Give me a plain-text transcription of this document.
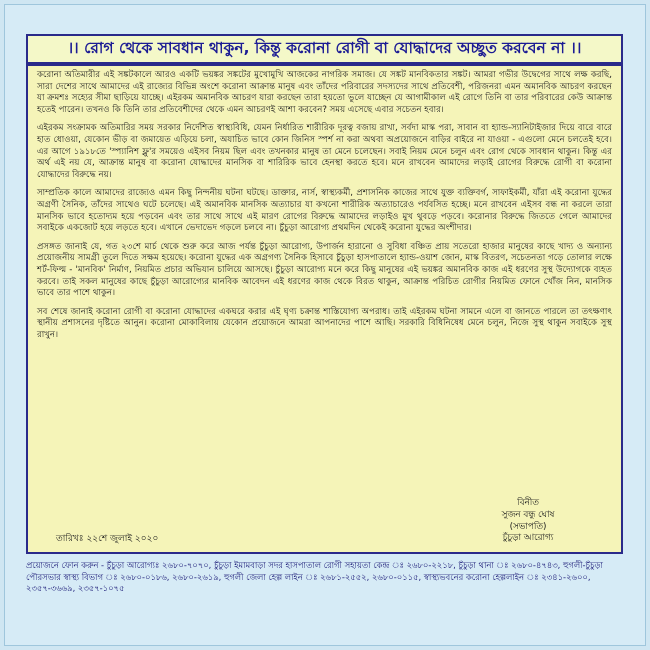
।। রোগ থেকে সাবধান থাকুন, কিন্তু করোনা রোগী বা যোদ্ধাদের অচ্ছুত করবেন না ।।

করোনা অতিমারীর এই সঙ্কটকালে আরও একটি ভয়ঙ্কর সঙ্কটের মুখোমুখি আজকের নাগরিক সমাজ। যে সঙ্কট মানবিকতার সঙ্কট। আমরা গভীর উদ্বেগের সাথে লক্ষ করছি, সারা দেশের সাথে আমাদের এই রাজ্যের বিভিন্ন অংশে করোনা আক্রান্ত মানুষ এবং তাঁদের পরিবারের সদস্যদের সাথে প্রতিবেশী, পরিজনরা এমন অমানবিক আচরণ করছেন যা ক্রমশঃ সহ্যের সীমা ছাড়িয়ে যাচ্ছে। এইরকম অমানবিক আচরণ যারা করছেন তারা হয়তো ভুলে যাচ্ছেন যে আগামীকাল এই রোগে তিনি বা তার পরিবারের কেউ আক্রান্ত হতেই পারেন। তখনও কি তিনি তার প্রতিবেশীদের থেকে এমন আচরণই আশা করবেন? সময় এসেছে এবার সচেতন হবার।

এইরকম সংক্রামক অতিমারির সময় সরকার নির্দেশিত স্বাস্থ্যবিধি, যেমন নির্ধারিত শারীরিক দূরত্ব বজায় রাখা, সর্বদা মাস্ক পরা, সাবান বা হ্যান্ড-স্যানিটাইজার দিয়ে বারে বারে হাত ধোওয়া, যেকোন ভীড় বা জমায়েত এড়িয়ে চলা, অযাচিত ভাবে কোন জিনিস স্পর্শ না করা অথবা অপ্রয়োজনে বাড়ির বাইরে না যাওয়া - এগুলো মেনে চলতেই হবে। এর আগে ১৯১৮তে 'স্প্যানিশ ফ্লু'র সময়েও এইসব নিয়ম ছিল এবং তখনকার মানুষ তা মেনে চলেছেন। সবাই নিয়ম মেনে চলুন এবং রোগ থেকে সাবধান থাকুন। কিন্তু এর অর্থ এই নয় যে, আক্রান্ত মানুষ বা করোনা যোদ্ধাদের মানসিক বা শারিরিক ভাবে হেনস্থা করতে হবে। মনে রাখবেন আমাদের লড়াই রোগের বিরুদ্ধে রোগী বা করোনা যোদ্ধাদের বিরুদ্ধে নয়।

সাম্প্রতিক কালে আমাদের রাজ্যেও এমন কিছু নিন্দনীয় ঘটনা ঘটছে। ডাক্তার, নার্স, স্বাস্থ্যকর্মী, প্রশাসনিক কাজের সাথে যুক্ত ব্যক্তিবর্গ, সাফাইকর্মী, যাঁরা এই করোনা যুদ্ধের অগ্রণী সৈনিক, তাঁদের সাথেও ঘটে চলেছে। এই অমানবিক মানসিক অত্যাচার যা কখনো শারীরিক অত্যাচারেও পর্যবসিত হচ্ছে। মনে রাখবেন এইসব বন্ধ না করলে তারা মানসিক ভাবে হতোদ্যম হয়ে পড়বেন এবং তার সাথে সাথে এই মারণ রোগের বিরুদ্ধে আমাদের লড়াইও মুখ থুবড়ে পড়বে। করোনার বিরুদ্ধে জিততে গেলে আমাদের সবাইকে একজোট হয়ে লড়তে হবে। এখানে ভেদাভেদ গড়লে চলবে না। চুঁচুড়া আরোগ্য প্রথমদিন থেকেই করোনা যুদ্ধের অংশীদার।

প্রসঙ্গত জানাই যে, গত ২৩শে মার্চ থেকে শুরু করে আজ পর্যন্ত চুঁচুড়া আরোগ্য, উপার্জন হারানো ও সুবিধা বঞ্চিত প্রায় সতেরো হাজার মানুষের কাছে খাদ্য ও অন্যান্য প্রয়োজনীয় সামগ্রী তুলে দিতে সক্ষম হয়েছে। করোনা যুদ্ধের এক অগ্রগণ্য সৈনিক হিসাবে চুঁচুড়া হাসপাতালে হ্যান্ড-ওয়াশ জোন, মাস্ক বিতরণ, সচেতনতা গড়ে তোলার লক্ষে শর্ট-ফিল্ম - 'মানবিক' নির্মাণ, নিয়মিত প্রচার অভিযান চালিয়ে আসছে। চুঁচুড়া আরোগ্য মনে করে কিছু মানুষের এই ভয়ঙ্কর অমানবিক কাজ এই ধরণের সুস্থ উদ্যোগকে ব্যহত করবে। তাই সকল মানুষের কাছে চুঁচুড়া আরোগ্যের মানবিক আবেদন এই ধরণের কাজ থেকে বিরত থাকুন, আক্রান্ত পরিচিত রোগীর নিয়মিত ফোনে খোঁজ নিন, মানসিক ভাবে তার পাশে থাকুন।

সব শেষে জানাই করোনা রোগী বা করোনা যোদ্ধাদের একঘরে করার এই ঘৃণ্য চক্রান্ত শাস্তিযোগ্য অপরাধ। তাই এইরকম ঘটনা সামনে এলে বা জানতে পারলে তা তৎক্ষণাৎ স্থানীয় প্রশাসনের দৃষ্টিতে আনুন। করোনা মোকাবিলায় যেকোন প্রয়োজনে আমরা আপনাদের পাশে আছি। সরকারি বিধিনিষেধ মেনে চলুন, নিজে সুস্থ থাকুন সবাইকে সুস্থ রাখুন।

বিনীত
সুজন বন্ধু ঘোষ
(সভাপতি)
চুঁচুড়া আরোগ্য
তারিখঃ ২২শে জুলাই ২০২০
প্রয়োজনে ফোন করুন - চুঁচুড়া আরোগ্যঃ ২৬৮০-৭০৭০, চুঁচুড়া ইমামবাড়া সদর হাসপাতাল রোগী সহায়তা কেন্দ্র ঃ ২৬৮০-২২১৮, চুঁচুড়া থানা ঃ ২৬৮০-৪৭৪৩, হুগলী-চুঁচুড়া পৌরসভার স্বাস্থ্য বিভাগ ঃ ২৬৮০-০১৮৬, ২৬৮০-২৬১৯, হুগলী জেলা হেল্প লাইন ঃ ২৬৮১-২৫৫২, ২৬৮০-০১১৫, স্বাস্থ্যভবনের করোনা হেল্পলাইন ঃ ২৩৪১-২৬০০, ২৩৫৭-৩৬৬৯, ২৩৫৭-১০৭৫
